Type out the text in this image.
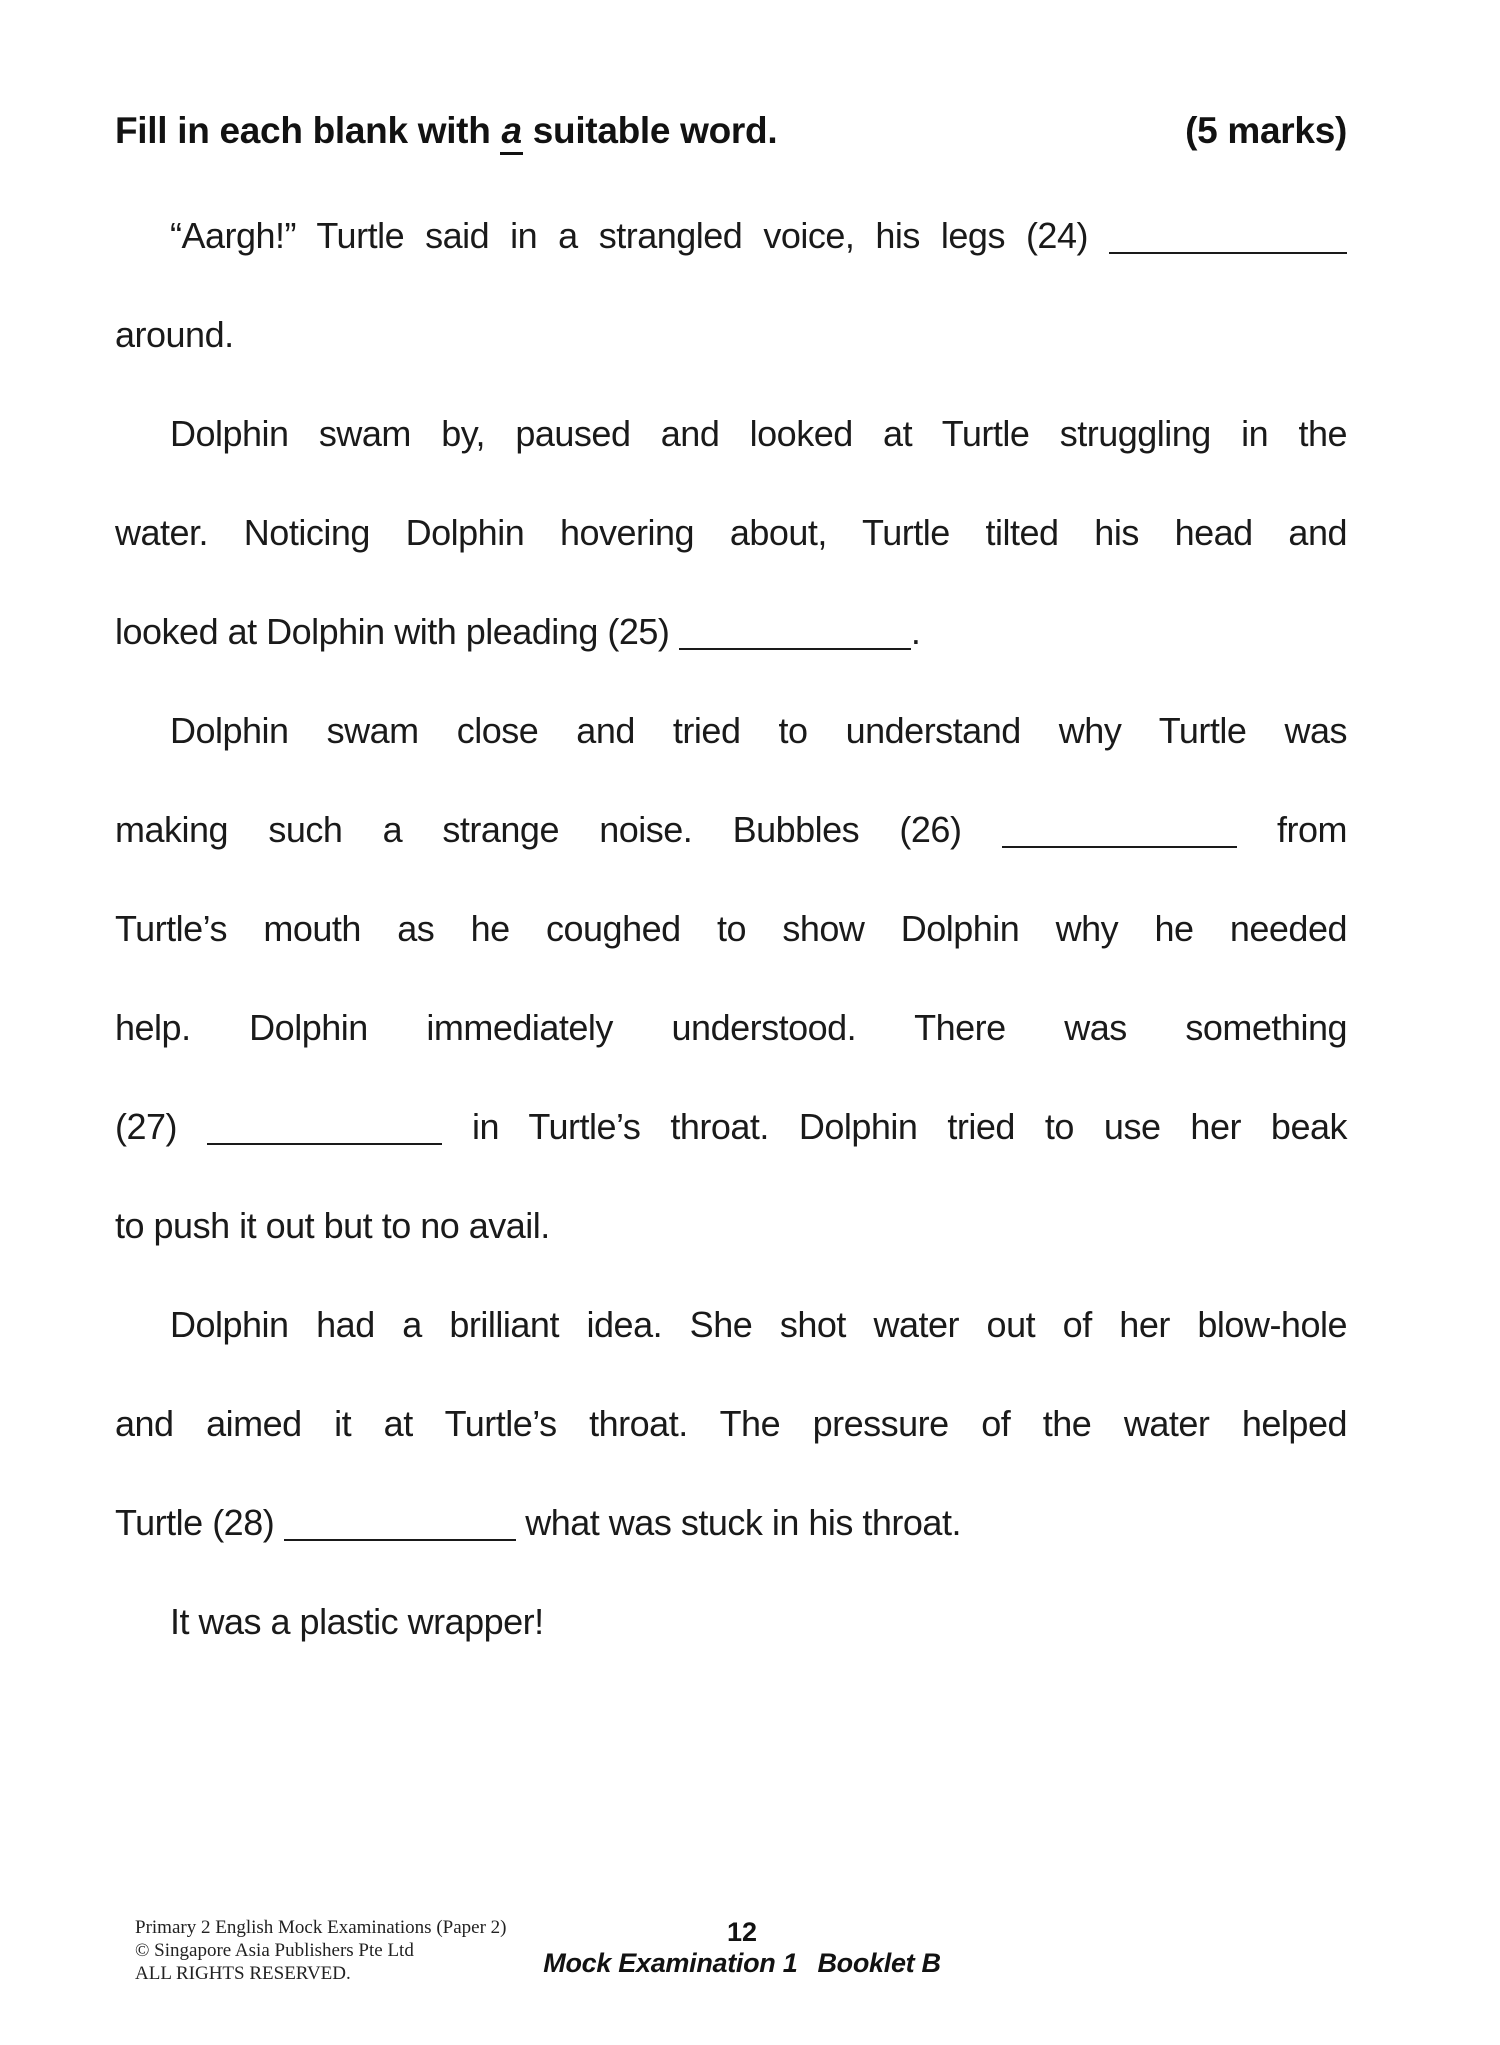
Fill in each blank with a suitable word.	(5 marks)
“Aargh!” Turtle said in a strangled voice, his legs (24)
around.
Dolphin swam by, paused and looked at Turtle struggling in the
water. Noticing Dolphin hovering about, Turtle tilted his head and
looked at Dolphin with pleading (25)	.
Dolphin swam close and tried to understand why Turtle was
making such a strange noise. Bubbles (26)	from
Turtle’s mouth as he coughed to show Dolphin why he needed
help. Dolphin immediately understood. There was something
(27)	in Turtle’s throat. Dolphin tried to use her beak
to push it out but to no avail.
Dolphin had a brilliant idea. She shot water out of her blow-hole
and aimed it at Turtle’s throat. The pressure of the water helped
Turtle (28)	what was stuck in his throat.
It was a plastic wrapper!
Primary 2 English Mock Examinations (Paper 2)
© Singapore Asia Publishers Pte Ltd
ALL RIGHTS RESERVED.
12
Mock Examination 1 Booklet B
